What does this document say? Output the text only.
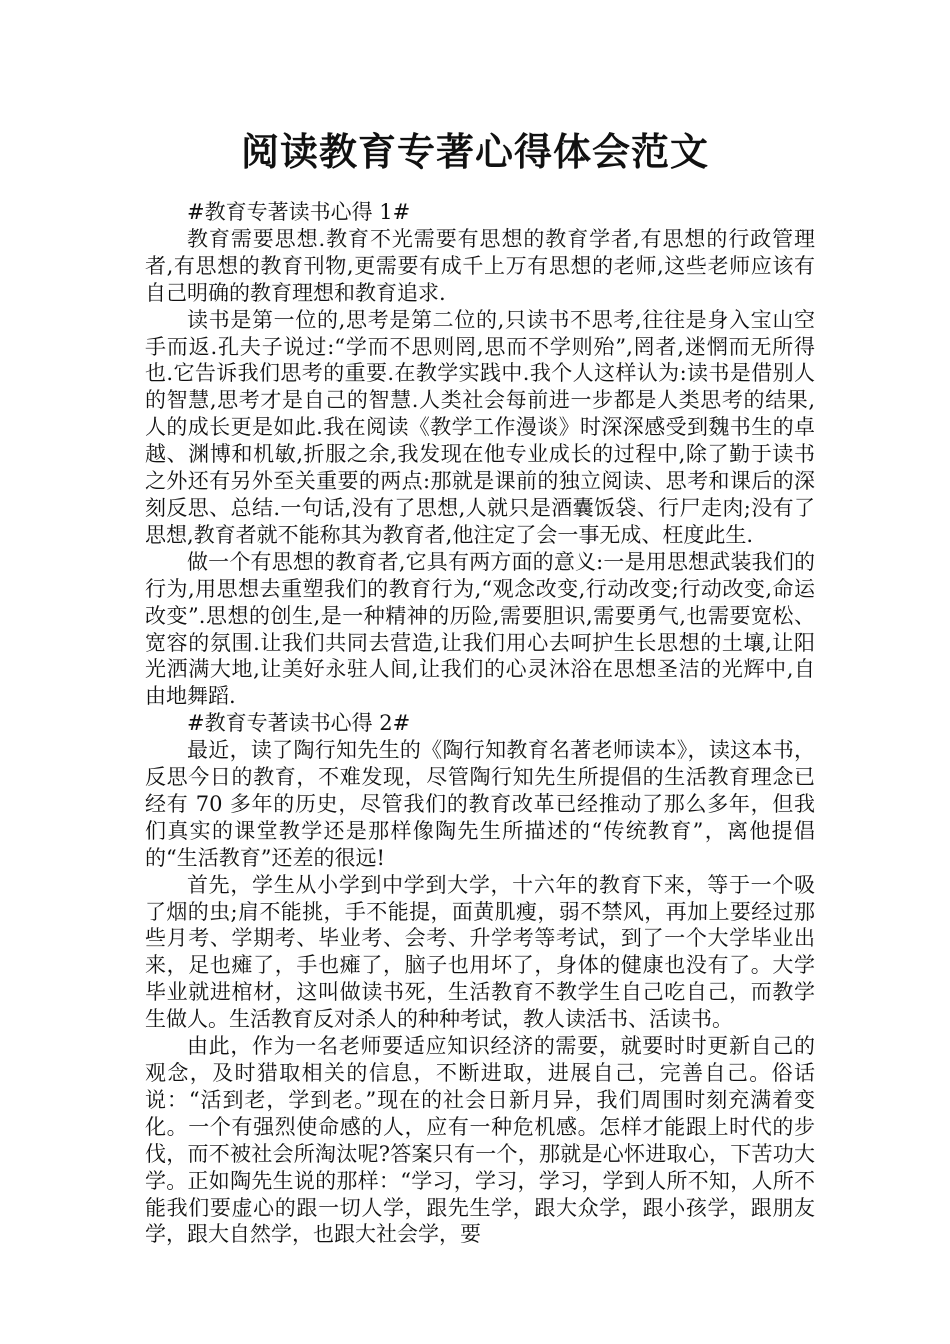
阅读教育专著心得体会范文

#教育专著读书心得 1#

教育需要思想.教育不光需要有思想的教育学者,有思想的行政管理者,有思想的教育刊物,更需要有成千上万有思想的老师,这些老师应该有自己明确的教育理想和教育追求.

读书是第一位的,思考是第二位的,只读书不思考,往往是身入宝山空手而返.孔夫子说过:“学而不思则罔,思而不学则殆”,罔者,迷惘而无所得也.它告诉我们思考的重要.在教学实践中.我个人这样认为:读书是借别人的智慧,思考才是自己的智慧.人类社会每前进一步都是人类思考的结果,人的成长更是如此.我在阅读《教学工作漫谈》时深深感受到魏书生的卓越、渊博和机敏,折服之余,我发现在他专业成长的过程中,除了勤于读书之外还有另外至关重要的两点:那就是课前的独立阅读、思考和课后的深刻反思、总结.一句话,没有了思想,人就只是酒囊饭袋、行尸走肉;没有了思想,教育者就不能称其为教育者,他注定了会一事无成、枉度此生.

做一个有思想的教育者,它具有两方面的意义:一是用思想武装我们的行为,用思想去重塑我们的教育行为,“观念改变,行动改变;行动改变,命运改变”.思想的创生,是一种精神的历险,需要胆识,需要勇气,也需要宽松、宽容的氛围.让我们共同去营造,让我们用心去呵护生长思想的土壤,让阳光洒满大地,让美好永驻人间,让我们的心灵沐浴在思想圣洁的光辉中,自由地舞蹈.

#教育专著读书心得 2#

最近，读了陶行知先生的《陶行知教育名著老师读本》，读这本书，反思今日的教育，不难发现，尽管陶行知先生所提倡的生活教育理念已经有 70 多年的历史，尽管我们的教育改革已经推动了那么多年，但我们真实的课堂教学还是那样像陶先生所描述的“传统教育”，离他提倡的“生活教育”还差的很远!

首先，学生从小学到中学到大学，十六年的教育下来，等于一个吸了烟的虫;肩不能挑，手不能提，面黄肌瘦，弱不禁风，再加上要经过那些月考、学期考、毕业考、会考、升学考等考试，到了一个大学毕业出来，足也瘫了，手也瘫了，脑子也用坏了，身体的健康也没有了。大学毕业就进棺材，这叫做读书死，生活教育不教学生自己吃自己，而教学生做人。生活教育反对杀人的种种考试，教人读活书、活读书。

由此，作为一名老师要适应知识经济的需要，就要时时更新自己的观念，及时猎取相关的信息，不断进取，进展自己，完善自己。俗话说：“活到老，学到老。”现在的社会日新月异，我们周围时刻充满着变化。一个有强烈使命感的人，应有一种危机感。怎样才能跟上时代的步伐，而不被社会所淘汰呢?答案只有一个，那就是心怀进取心，下苦功大学。正如陶先生说的那样：“学习，学习，学习，学到人所不知，人所不能我们要虚心的跟一切人学，跟先生学，跟大众学，跟小孩学，跟朋友学，跟大自然学，也跟大社会学，要
